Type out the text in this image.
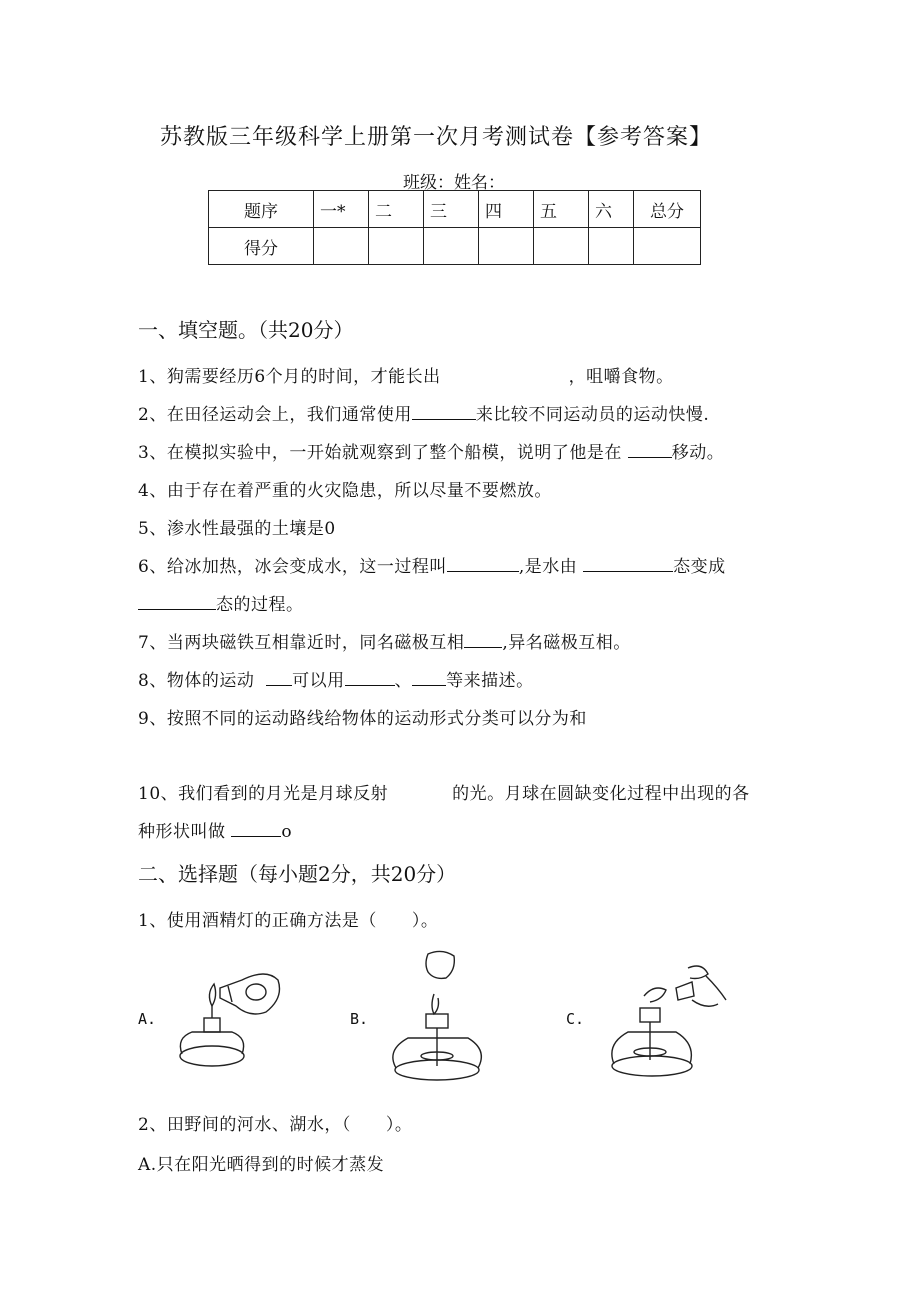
苏教版三年级科学上册第一次月考测试卷【参考答案】
班级：姓名：
题序	一*	二	三	四	五	六	总分
得分							
一、填空题。（共20分）
1、狗需要经历6个月的时间，才能长出	，咀嚼食物。
2、在田径运动会上，我们通常使用	来比较不同运动员的运动快慢.
3、在模拟实验中，一开始就观察到了整个船模，说明了他是在	移动。
4、由于存在着严重的火灾隐患，所以尽量不要燃放。
5、渗水性最强的土壤是0
6、给冰加热，冰会变成水，这一过程叫	,是水由	态变成
态的过程。
7、当两块磁铁互相靠近时，同名磁极互相 ,异名磁极互相。
8、物体的运动 可以用	、 等来描述。
9、按照不同的运动路线给物体的运动形式分类可以分为和
10、我们看到的月光是月球反射	的光。月球在圆缺变化过程中出现的各
种形状叫做	o
二、选择题（每小题2分，共20分）
1、使用酒精灯的正确方法是（　　）。
A.	B.	C.
2、田野间的河水、湖水，（　　）。
A.只在阳光晒得到的时候才蒸发
